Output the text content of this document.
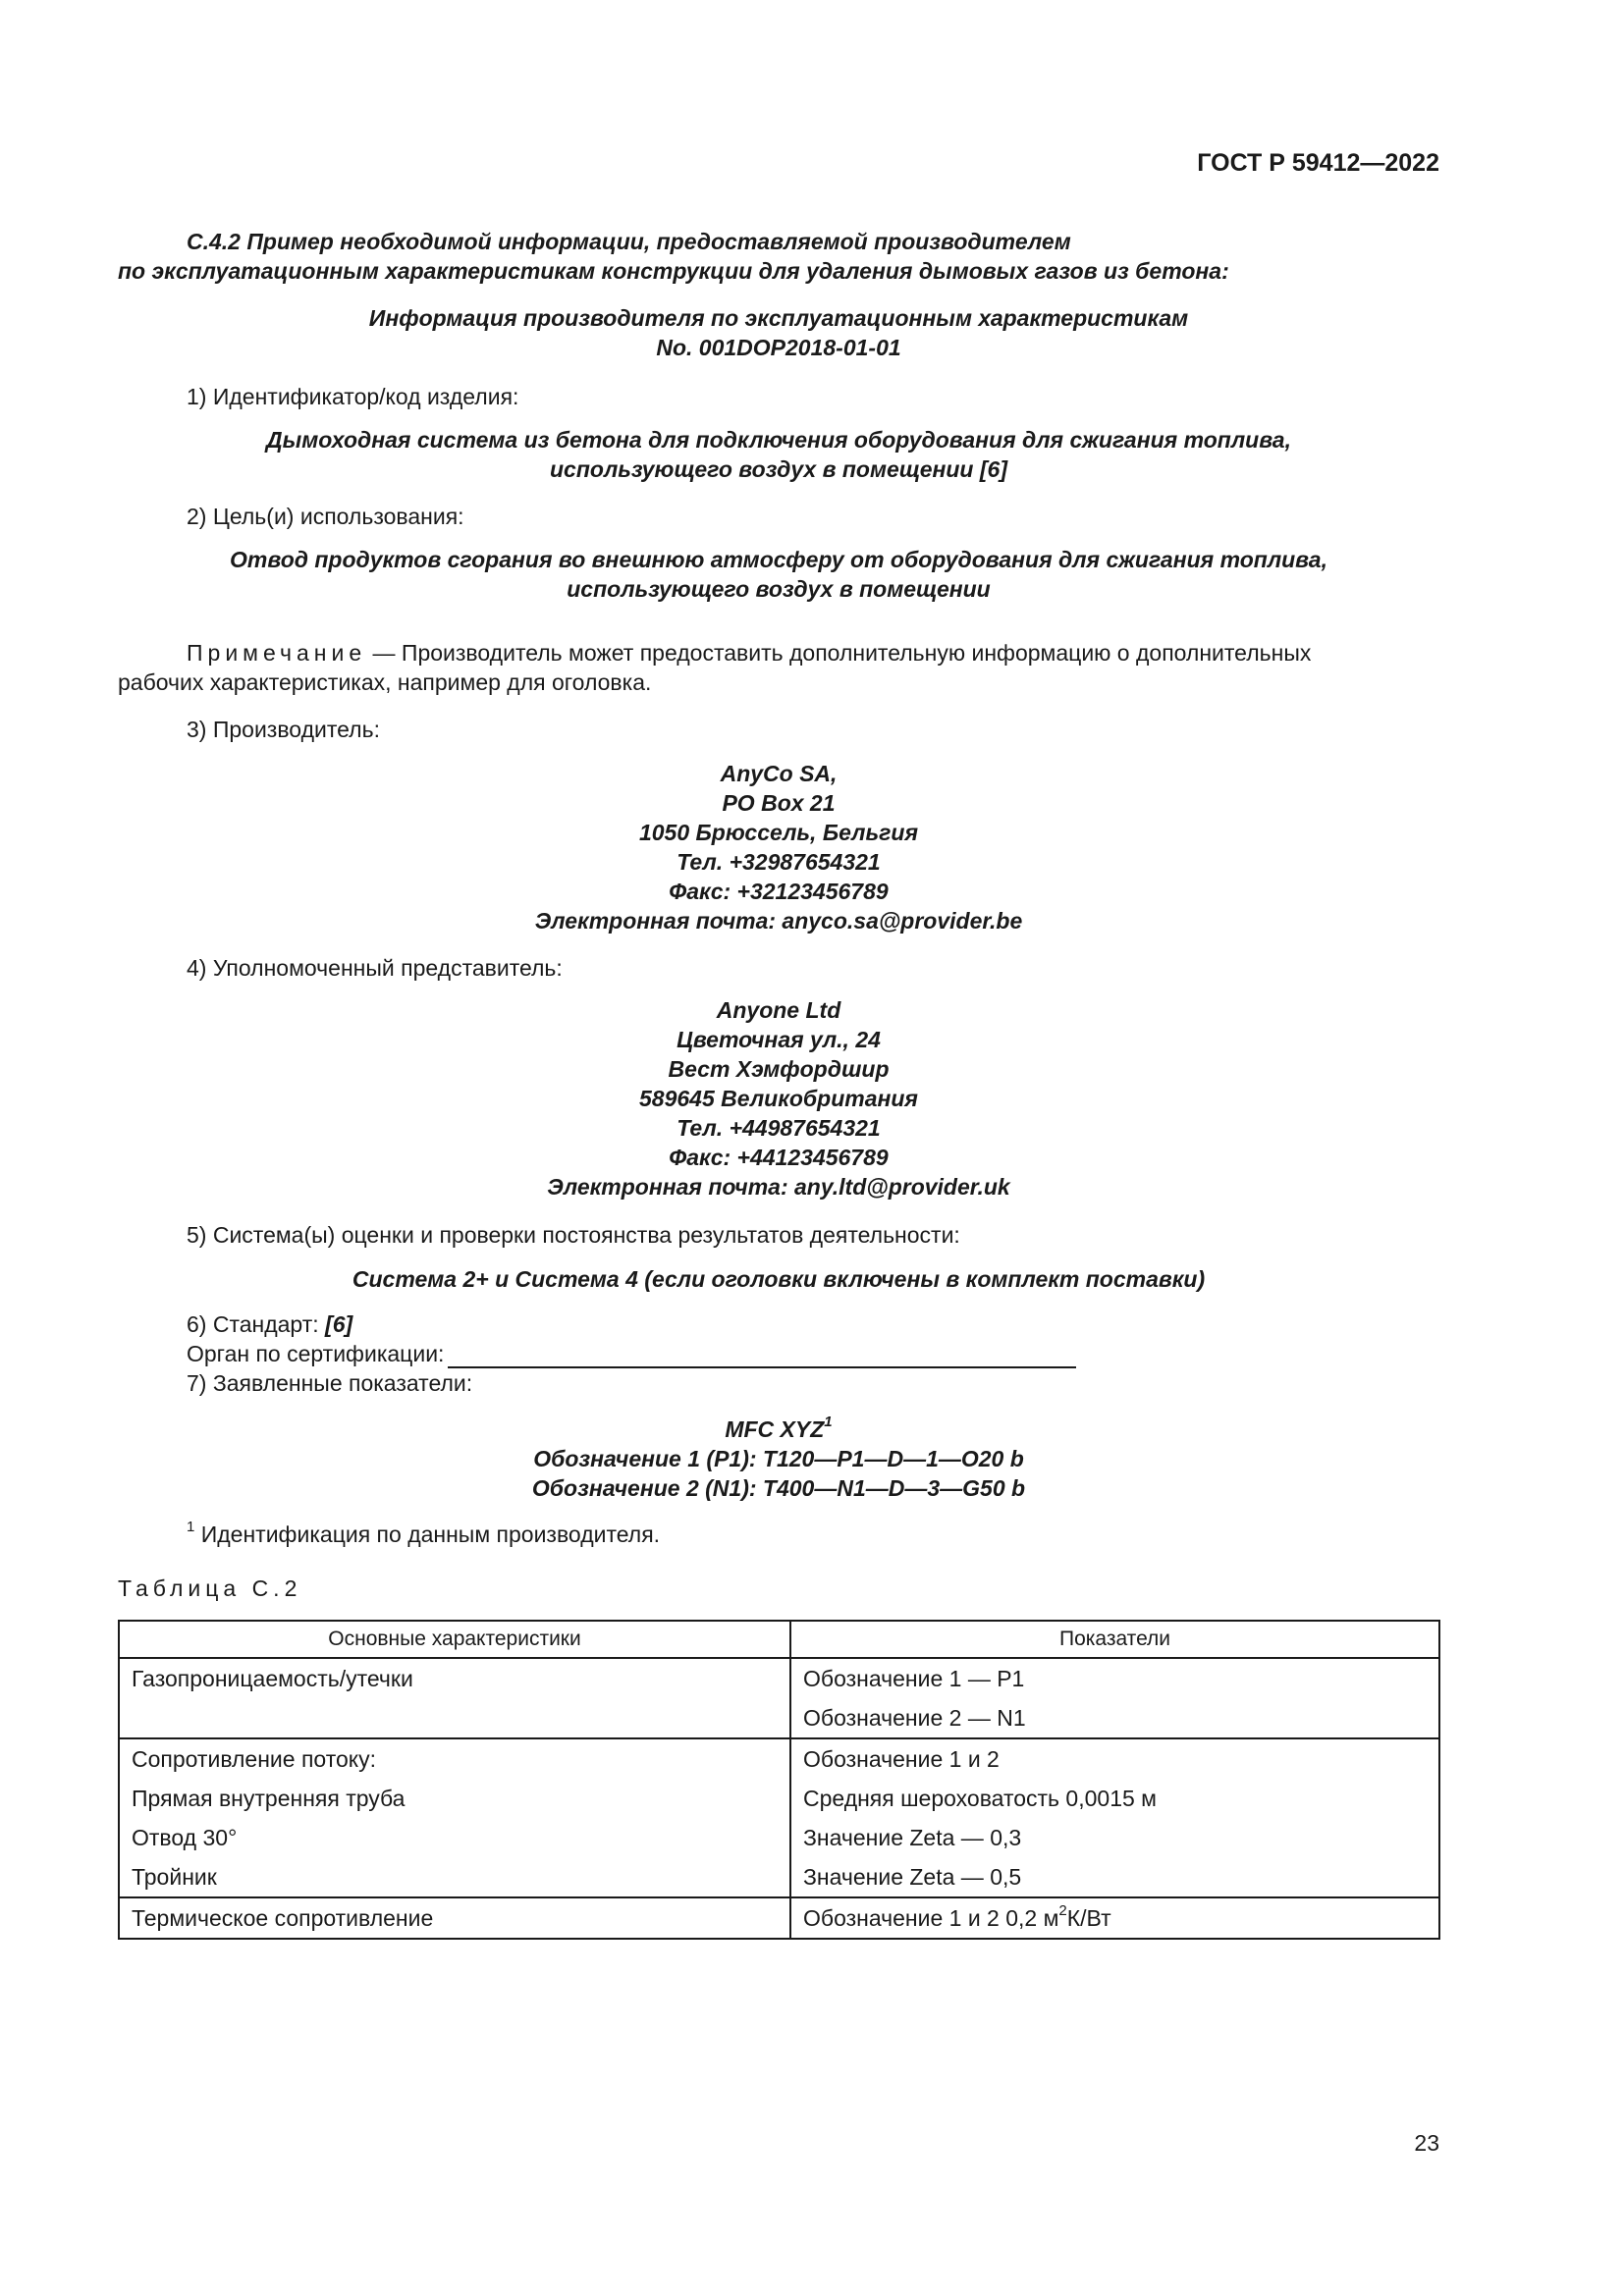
ГОСТ Р 59412—2022
С.4.2 Пример необходимой информации, предоставляемой производителем
по эксплуатационным характеристикам конструкции для удаления дымовых газов из бетона:
Информация производителя по эксплуатационным характеристикам
No. 001DOP2018-01-01
1) Идентификатор/код изделия:
Дымоходная система из бетона для подключения оборудования для сжигания топлива,
использующего воздух в помещении [6]
2) Цель(и) использования:
Отвод продуктов сгорания во внешнюю атмосферу от оборудования для сжигания топлива,
использующего воздух в помещении
Примечание — Производитель может предоставить дополнительную информацию о дополнительных
рабочих характеристиках, например для оголовка.
3) Производитель:
AnyCo SA,
PO Box 21
1050 Брюссель, Бельгия
Тел. +32987654321
Факс: +32123456789
Электронная почта: anyco.sa@provider.be
4) Уполномоченный представитель:
Anyone Ltd
Цветочная ул., 24
Вест Хэмфордшир
589645 Великобритания
Тел. +44987654321
Факс: +44123456789
Электронная почта: any.ltd@provider.uk
5) Система(ы) оценки и проверки постоянства результатов деятельности:
Система 2+ и Система 4 (если оголовки включены в комплект поставки)
6) Стандарт: [6]
Орган по сертификации:
7) Заявленные показатели:
MFC XYZ$^1$
Обозначение 1 (P1): T120—P1—D—1—O20 b
Обозначение 2 (N1): T400—N1—D—3—G50 b
$^1$ Идентификация по данным производителя.
Таблица С.2
Основные характеристики	Показатели
Газопроницаемость/утечки	Обозначение 1 — P1
	Обозначение 2 — N1
Сопротивление потоку:	Обозначение 1 и 2
Прямая внутренняя труба	Средняя шероховатость 0,0015 м
Отвод 30°	Значение Zeta — 0,3
Тройник	Значение Zeta — 0,5
Термическое сопротивление	Обозначение 1 и 2 0,2 $м^2К/Вт$
23
